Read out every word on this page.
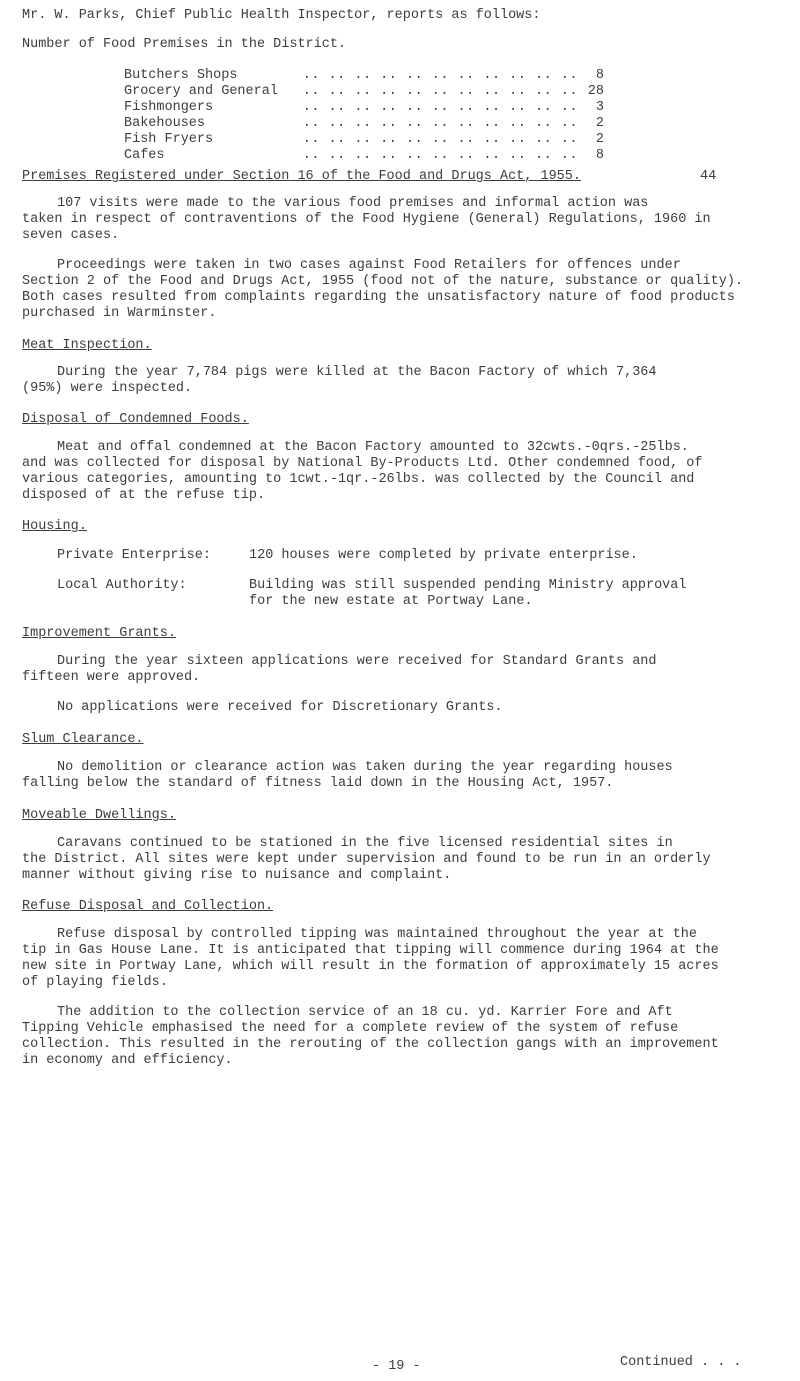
Mr. W. Parks, Chief Public Health Inspector, reports as follows:
Number of Food Premises in the District.
.. .. .. .. .. .. .. .. .. .. ..
Butchers Shops	8
.. .. .. .. .. .. .. .. .. .. ..
Grocery and General	28
.. .. .. .. .. .. .. .. .. .. ..
Fishmongers	3
.. .. .. .. .. .. .. .. .. .. ..
Bakehouses	2
.. .. .. .. .. .. .. .. .. .. ..
Fish Fryers	2
.. .. .. .. .. .. .. .. .. .. ..
Cafes	8
Premises Registered under Section 16 of the Food and Drugs Act, 1955.	44
107 visits were made to the various food premises and informal action was
taken in respect of contraventions of the Food Hygiene (General) Regulations, 1960 in
seven cases.
Proceedings were taken in two cases against Food Retailers for offences under
Section 2 of the Food and Drugs Act, 1955 (food not of the nature, substance or quality).
Both cases resulted from complaints regarding the unsatisfactory nature of food products
purchased in Warminster.
Meat Inspection.
During the year 7,784 pigs were killed at the Bacon Factory of which 7,364
(95%) were inspected.
Disposal of Condemned Foods.
Meat and offal condemned at the Bacon Factory amounted to 32cwts.-0qrs.-25lbs.
and was collected for disposal by National By-Products Ltd. Other condemned food, of
various categories, amounting to 1cwt.-1qr.-26lbs. was collected by the Council and
disposed of at the refuse tip.
Housing.
Private Enterprise:	120 houses were completed by private enterprise.
Local Authority:	Building was still suspended pending Ministry approval
for the new estate at Portway Lane.
Improvement Grants.
During the year sixteen applications were received for Standard Grants and
fifteen were approved.
No applications were received for Discretionary Grants.
Slum Clearance.
No demolition or clearance action was taken during the year regarding houses
falling below the standard of fitness laid down in the Housing Act, 1957.
Moveable Dwellings.
Caravans continued to be stationed in the five licensed residential sites in
the District. All sites were kept under supervision and found to be run in an orderly
manner without giving rise to nuisance and complaint.
Refuse Disposal and Collection.
Refuse disposal by controlled tipping was maintained throughout the year at the
tip in Gas House Lane. It is anticipated that tipping will commence during 1964 at the
new site in Portway Lane, which will result in the formation of approximately 15 acres
of playing fields.
The addition to the collection service of an 18 cu. yd. Karrier Fore and Aft
Tipping Vehicle emphasised the need for a complete review of the system of refuse
collection. This resulted in the rerouting of the collection gangs with an improvement
in economy and efficiency.
- 19 -	Continued . . .
